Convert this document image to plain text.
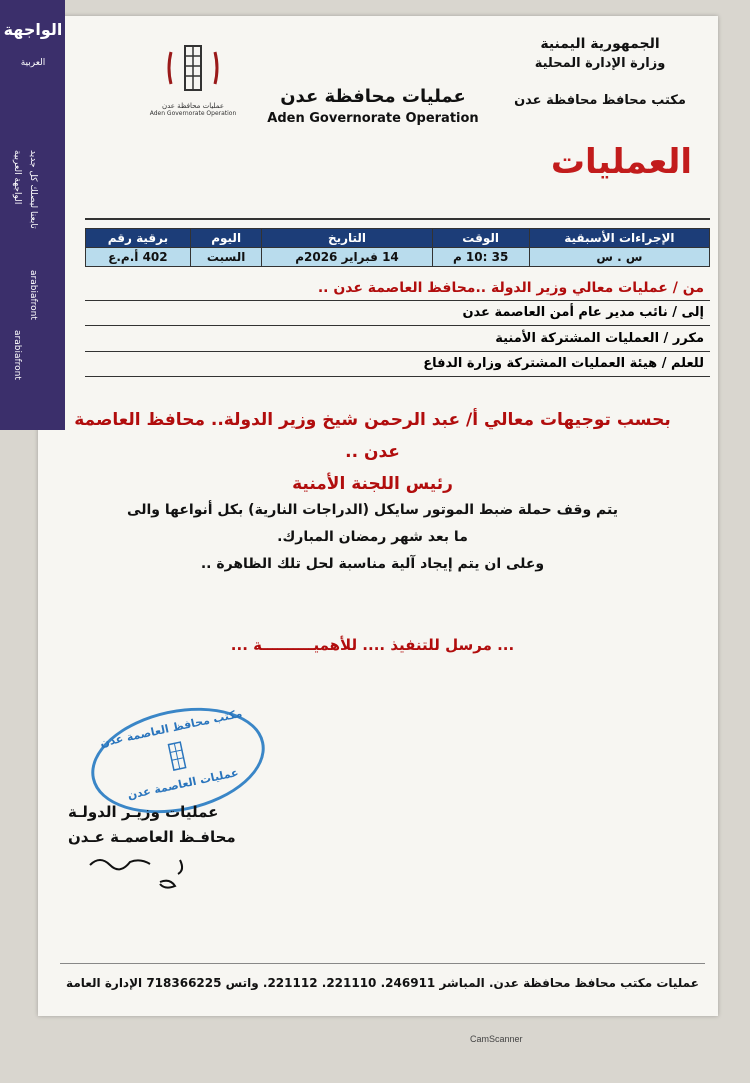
الجمهورية اليمنية
وزارة الإدارة المحلية
مكتب محافظ محافظة عدن
العمليات
عمليات محافظة عدن
Aden Governorate Operation
عمليات محافظة عدن
Aden Governorate Operation
الإجراءات الأسبقية	الوقت	التاريخ	اليوم	برقية رقم
س . س	35 :10 م	14 فبراير 2026م	السبت	402 أ.م.ع
من / عمليات معالي وزير الدولة ..محافظ العاصمة عدن ..
إلى / نائب مدير عام أمن العاصمة عدن
مكرر / العمليات المشتركة الأمنية
للعلم / هيئة العمليات المشتركة وزارة الدفاع
بحسب توجيهات معالي أ/ عبد الرحمن شيخ وزير الدولة.. محافظ العاصمة عدن ..
رئيس اللجنة الأمنية
يتم وقف حملة ضبط الموتور سايكل (الدراجات النارية) بكل أنواعها والى
ما بعد شهر رمضان المبارك.
وعلى ان يتم إيجاد آلية مناسبة لحل تلك الظاهرة ..
... مرسل للتنفيذ .... للأهميــــــــــة ...
مكتب محافظ العاصمة عدن
عمليات العاصمة عدن
عمليات وزيـر الدولـة
محافـظ العاصمـة عـدن
عمليات مكتب محافظ محافظة عدن. المباشر 246911. 221110. 221112. واتس 718366225 الإدارة العامة
CamScanner
الواجهة
العربية
تابعنا ليصلك كل جديد
الواجهة العربية
arabiafront
arabiafront
